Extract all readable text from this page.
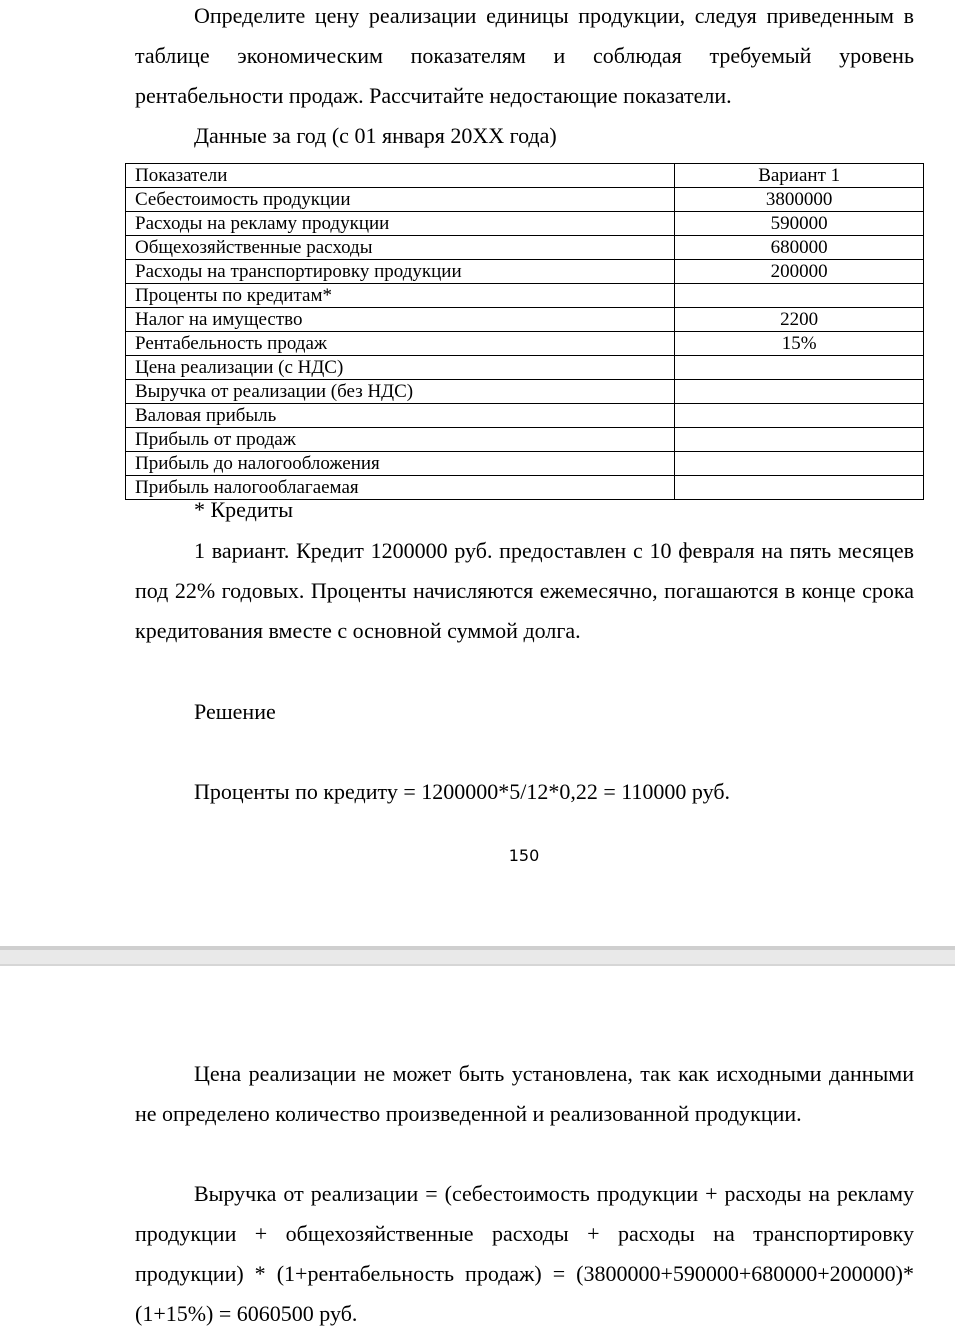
Определите цену реализации единицы продукции, следуя приведенным в таблице экономическим показателям и соблюдая требуемый уровень рентабельности продаж. Рассчитайте недостающие показатели.

Данные за год (с 01 января 20XX года)

Показатели	Вариант 1
Себестоимость продукции	3800000
Расходы на рекламу продукции	590000
Общехозяйственные расходы	680000
Расходы на транспортировку продукции	200000
Проценты по кредитам*	
Налог на имущество	2200
Рентабельность продаж	15%
Цена реализации (с НДС)	
Выручка от реализации (без НДС)	
Валовая прибыль	
Прибыль от продаж	
Прибыль до налогообложения	
Прибыль налогооблагаемая	

* Кредиты

1 вариант. Кредит 1200000 руб. предоставлен с 10 февраля на пять месяцев под 22% годовых. Проценты начисляются ежемесячно, погашаются в конце срока кредитования вместе с основной суммой долга.

Решение

Проценты по кредиту = 1200000*5/12*0,22 = 110000 руб.

150

Цена реализации не может быть установлена, так как исходными данными не определено количество произведенной и реализованной продукции.

Выручка от реализации = (себестоимость продукции + расходы на рекламу продукции + общехозяйственные расходы + расходы на транспортировку продукции) * (1+рентабельность продаж) = (3800000+590000+680000+200000)*(1+15%) = 6060500 руб.
